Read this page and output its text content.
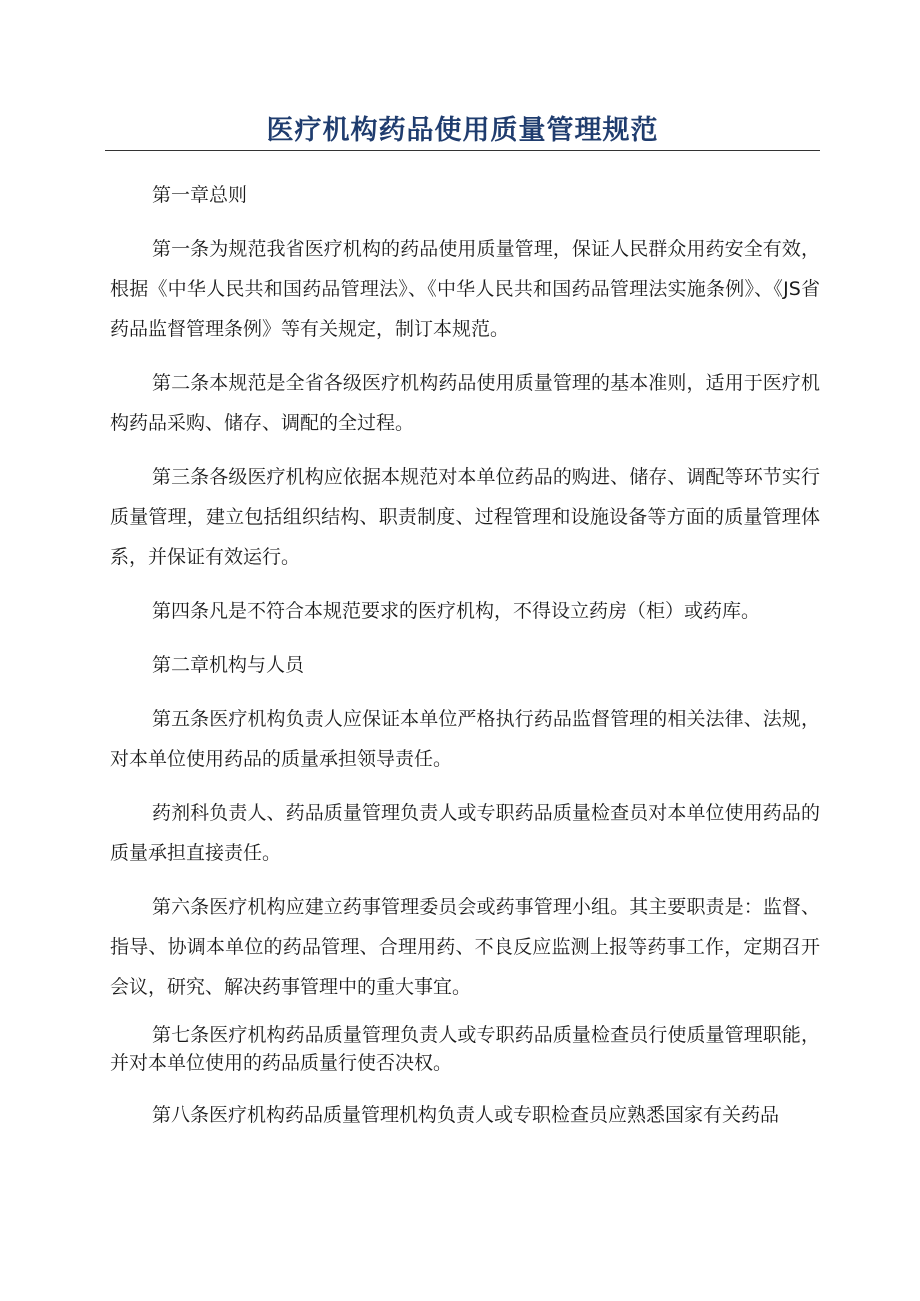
医疗机构药品使用质量管理规范

第一章总则

第一条为规范我省医疗机构的药品使用质量管理，保证人民群众用药安全有效，根据《中华人民共和国药品管理法》、《中华人民共和国药品管理法实施条例》、《JS省药品监督管理条例》等有关规定，制订本规范。

第二条本规范是全省各级医疗机构药品使用质量管理的基本准则，适用于医疗机构药品采购、储存、调配的全过程。

第三条各级医疗机构应依据本规范对本单位药品的购进、储存、调配等环节实行质量管理，建立包括组织结构、职责制度、过程管理和设施设备等方面的质量管理体系，并保证有效运行。

第四条凡是不符合本规范要求的医疗机构，不得设立药房（柜）或药库。

第二章机构与人员

第五条医疗机构负责人应保证本单位严格执行药品监督管理的相关法律、法规，对本单位使用药品的质量承担领导责任。

药剂科负责人、药品质量管理负责人或专职药品质量检查员对本单位使用药品的质量承担直接责任。

第六条医疗机构应建立药事管理委员会或药事管理小组。其主要职责是：监督、指导、协调本单位的药品管理、合理用药、不良反应监测上报等药事工作，定期召开会议，研究、解决药事管理中的重大事宜。

第七条医疗机构药品质量管理负责人或专职药品质量检查员行使质量管理职能，并对本单位使用的药品质量行使否决权。

第八条医疗机构药品质量管理机构负责人或专职检查员应熟悉国家有关药品
